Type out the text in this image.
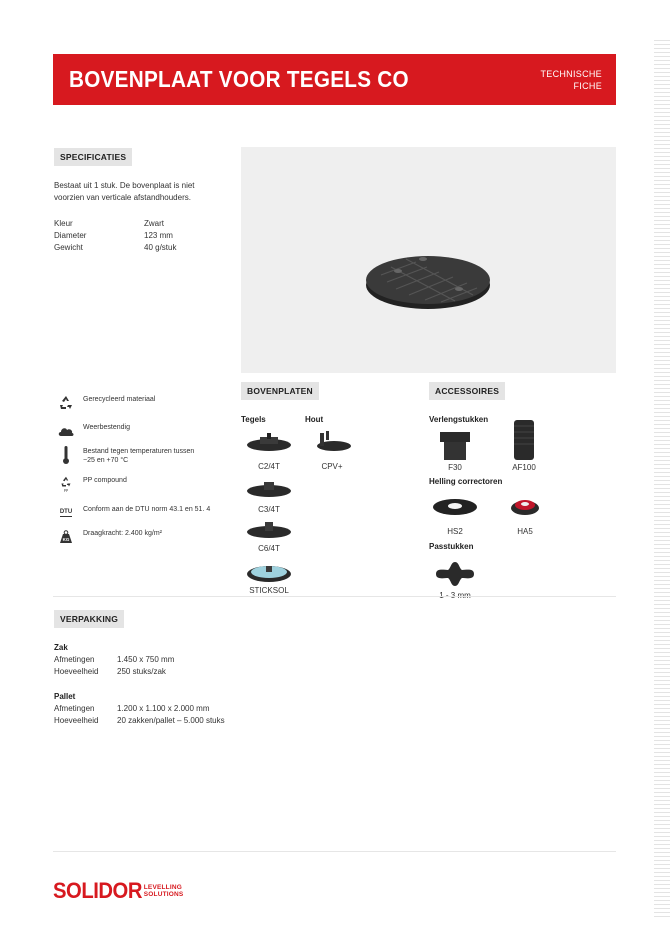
BOVENPLAAT VOOR TEGELS CO	TECHNISCHE
FICHE
SPECIFICATIES
Bestaat uit 1 stuk. De bovenplaat is niet
voorzien van verticale afstandhouders.
Kleur	Zwart
Diameter	123 mm
Gewicht	40 g/stuk
Gerecycleerd materiaal
Weerbestendig
Bestand tegen temperaturen tussen
−25 en +70 °C
pp
PP compound
DTU Conform aan de DTU norm 43.1 en 51. 4
KG
Draagkracht: 2.400 kg/m²
BOVENPLATEN
Tegels	Hout
C2/4T
C3/4T
C6/4T
STICKSOL
CPV+
ACCESSOIRES
Verlengstukken
F30	AF100
Helling correctoren
HS2	HA5
Passtukken
VERPAKKING
Zak
Afmetingen	1.450 x 750 mm
Hoeveelheid	250 stuks/zak
Pallet
Afmetingen	1.200 x 1.100 x 2.000 mm
Hoeveelheid	20 zakken/pallet – 5.000 stuks
SOLIDOR LEVELLING
SOLUTIONS
